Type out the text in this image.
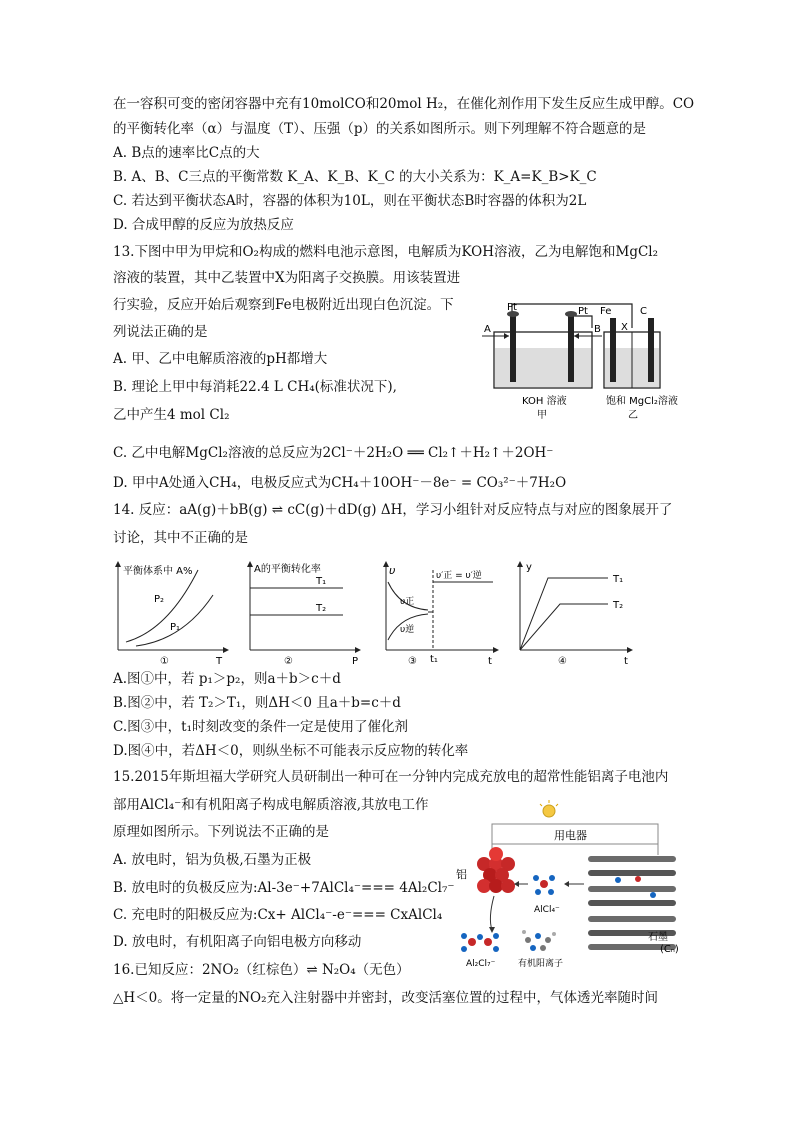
在一容积可变的密闭容器中充有10molCO和20mol H₂，在催化剂作用下发生反应生成甲醇。CO
的平衡转化率（α）与温度（T）、压强（p）的关系如图所示。则下列理解不符合题意的是
A. B点的速率比C点的大
B. A、B、C三点的平衡常数 K_A、K_B、K_C 的大小关系为：K_A=K_B>K_C
C. 若达到平衡状态A时，容器的体积为10L，则在平衡状态B时容器的体积为2L
D. 合成甲醇的反应为放热反应
13.下图中甲为甲烷和O₂构成的燃料电池示意图，电解质为KOH溶液，乙为电解饱和MgCl₂
溶液的装置，其中乙装置中X为阳离子交换膜。用该装置进
行实验，反应开始后观察到Fe电极附近出现白色沉淀。下
列说法正确的是
A. 甲、乙中电解质溶液的pH都增大
B. 理论上甲中每消耗22.4 L CH₄(标准状况下),
乙中产生4 mol Cl₂
C. 乙中电解MgCl₂溶液的总反应为2Cl⁻＋2H₂O ══ Cl₂↑＋H₂↑＋2OH⁻
D. 甲中A处通入CH₄，电极反应式为CH₄＋10OH⁻－8e⁻ = CO₃²⁻＋7H₂O
Pt	Pt Fe	C
X
A	B
KOH 溶液
甲
饱和 MgCl₂溶液
乙
14. 反应：aA(g)＋bB(g) ⇌ cC(g)＋dD(g) ΔH，学习小组针对反应特点与对应的图象展开了
讨论，其中不正确的是
平衡体系中 A%
P₂
P₁
T
①
A的平衡转化率
T₁
T₂
P
②
υ	υ′正 = υ′逆
υ正
υ逆
t₁	t
③
y
T₁
T₂
t
④
A.图①中，若 p₁＞p₂，则a＋b＞c＋d
B.图②中，若 T₂＞T₁，则ΔH＜0 且a＋b=c＋d
C.图③中，t₁时刻改变的条件一定是使用了催化剂
D.图④中，若ΔH＜0，则纵坐标不可能表示反应物的转化率
15.2015年斯坦福大学研究人员研制出一种可在一分钟内完成充放电的超常性能铝离子电池内
部用AlCl₄⁻和有机阳离子构成电解质溶液,其放电工作
原理如图所示。下列说法不正确的是
A. 放电时，铝为负极,石墨为正极
B. 放电时的负极反应为:Al-3e⁻+7AlCl₄⁻=== 4Al₂Cl₇⁻
C. 充电时的阳极反应为:Cx+ AlCl₄⁻-e⁻=== CxAlCl₄
D. 放电时，有机阳离子向铝电极方向移动
用电器
铝
AlCl₄⁻
Al₂Cl₇⁻	有机阳离子
石墨
(Cₙ)
16.已知反应：2NO₂（红棕色）⇌ N₂O₄（无色）
△H＜0。将一定量的NO₂充入注射器中并密封，改变活塞位置的过程中，气体透光率随时间
